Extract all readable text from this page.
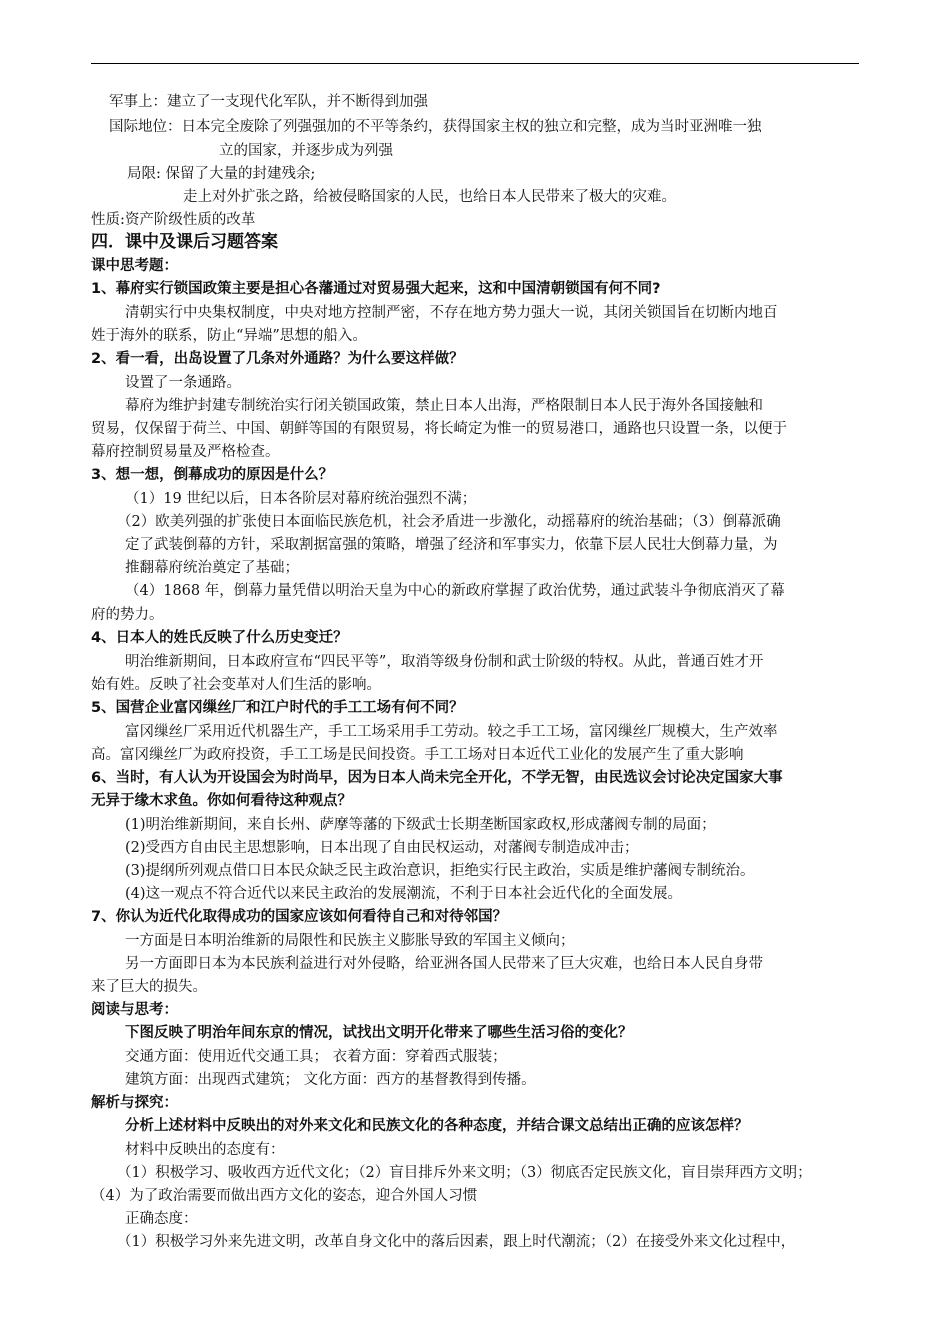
军事上：建立了一支现代化军队，并不断得到加强
国际地位：日本完全废除了列强强加的不平等条约，获得国家主权的独立和完整，成为当时亚洲唯一独
立的国家，并逐步成为列强
局限: 保留了大量的封建残余;
走上对外扩张之路，给被侵略国家的人民，也给日本人民带来了极大的灾难。
性质:资产阶级性质的改革
四．课中及课后习题答案
课中思考题：
1、幕府实行锁国政策主要是担心各藩通过对贸易强大起来，这和中国清朝锁国有何不同?
清朝实行中央集权制度，中央对地方控制严密，不存在地方势力强大一说，其闭关锁国旨在切断内地百
姓于海外的联系，防止“异端”思想的船入。
2、看一看，出岛设置了几条对外通路？为什么要这样做？
设置了一条通路。
幕府为维护封建专制统治实行闭关锁国政策，禁止日本人出海，严格限制日本人民于海外各国接触和
贸易，仅保留于荷兰、中国、朝鲜等国的有限贸易，将长崎定为惟一的贸易港口，通路也只设置一条，以便于
幕府控制贸易量及严格检查。
3、想一想，倒幕成功的原因是什么？
（1）19 世纪以后，日本各阶层对幕府统治强烈不满；
（2）欧美列强的扩张使日本面临民族危机，社会矛盾进一步激化，动摇幕府的统治基础；（3）倒幕派确
定了武装倒幕的方针，采取割据富强的策略，增强了经济和军事实力，依靠下层人民壮大倒幕力量，为
推翻幕府统治奠定了基础；
（4）1868 年，倒幕力量凭借以明治天皇为中心的新政府掌握了政治优势，通过武装斗争彻底消灭了幕
府的势力。
4、日本人的姓氏反映了什么历史变迁？
明治维新期间，日本政府宣布“四民平等”，取消等级身份制和武士阶级的特权。从此，普通百姓才开
始有姓。反映了社会变革对人们生活的影响。
5、国营企业富冈缫丝厂和江户时代的手工工场有何不同？
富冈缫丝厂采用近代机器生产，手工工场采用手工劳动。较之手工工场，富冈缫丝厂规模大，生产效率
高。富冈缫丝厂为政府投资，手工工场是民间投资。手工工场对日本近代工业化的发展产生了重大影响
6、当时，有人认为开设国会为时尚早，因为日本人尚未完全开化，不学无智，由民选议会讨论决定国家大事
无异于缘木求鱼。你如何看待这种观点？
(1)明治维新期间，来自长州、萨摩等藩的下级武士长期垄断国家政权,形成藩阀专制的局面；
(2)受西方自由民主思想影响，日本出现了自由民权运动，对藩阀专制造成冲击；
(3)提纲所列观点借口日本民众缺乏民主政治意识，拒绝实行民主政治，实质是维护藩阀专制统治。
(4)这一观点不符合近代以来民主政治的发展潮流，不利于日本社会近代化的全面发展。
7、你认为近代化取得成功的国家应该如何看待自己和对待邻国？
一方面是日本明治维新的局限性和民族主义膨胀导致的军国主义倾向；
另一方面即日本为本民族利益进行对外侵略，给亚洲各国人民带来了巨大灾难，也给日本人民自身带
来了巨大的损失。
阅读与思考：
下图反映了明治年间东京的情况，试找出文明开化带来了哪些生活习俗的变化？
交通方面：使用近代交通工具； 衣着方面：穿着西式服装；
建筑方面：出现西式建筑； 文化方面：西方的基督教得到传播。
解析与探究：
分析上述材料中反映出的对外来文化和民族文化的各种态度，并结合课文总结出正确的应该怎样？
材料中反映出的态度有：
（1）积极学习、吸收西方近代文化；（2）盲目排斥外来文明；（3）彻底否定民族文化，盲目崇拜西方文明；
（4）为了政治需要而做出西方文化的姿态，迎合外国人习惯
正确态度：
（1）积极学习外来先进文明，改革自身文化中的落后因素，跟上时代潮流；（2）在接受外来文化过程中，
